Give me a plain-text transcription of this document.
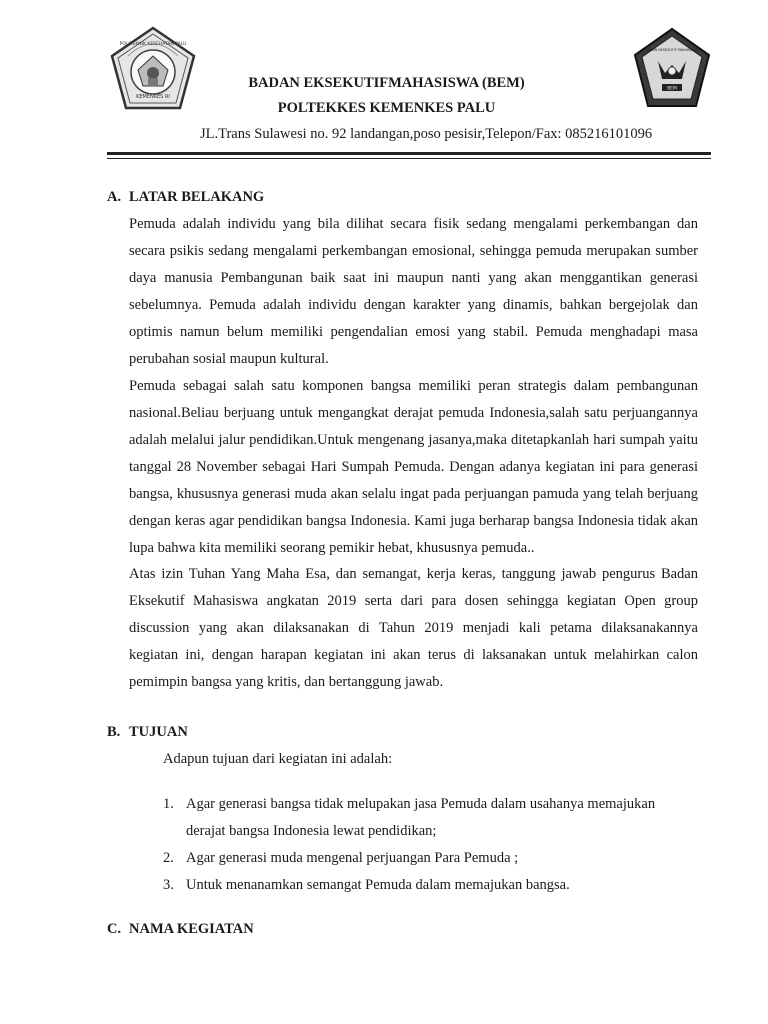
KEMENKES RI
POLITEKNIK KESEHATAN PALU
BADAN EKSEKUTIFMAHASISWA (BEM)
POLTEKKES KEMENKES PALU
JL.Trans Sulawesi no. 92 landangan,poso pesisir,Telepon/Fax: 085216101096
BADAN EKSEKUTIF MAHASISWA
BEM
A. LATAR BELAKANG

Pemuda adalah individu yang bila dilihat secara fisik sedang mengalami perkembangan dan
secara psikis sedang mengalami perkembangan emosional, sehingga pemuda merupakan sumber
daya manusia Pembangunan baik saat ini maupun nanti yang akan menggantikan generasi
sebelumnya. Pemuda adalah individu dengan karakter yang dinamis, bahkan bergejolak dan
optimis namun belum memiliki pengendalian emosi yang stabil. Pemuda menghadapi masa
perubahan sosial maupun kultural.

Pemuda sebagai salah satu komponen bangsa memiliki peran strategis dalam pembangunan
nasional.Beliau berjuang untuk mengangkat derajat pemuda Indonesia,salah satu perjuangannya
adalah melalui jalur pendidikan.Untuk mengenang jasanya,maka ditetapkanlah hari sumpah yaitu
tanggal 28 November sebagai Hari Sumpah Pemuda. Dengan adanya kegiatan ini para generasi
bangsa, khususnya generasi muda akan selalu ingat pada perjuangan pamuda yang telah berjuang
dengan keras agar pendidikan bangsa Indonesia. Kami juga berharap bangsa Indonesia tidak akan
lupa bahwa kita memiliki seorang pemikir hebat, khususnya pemuda..

Atas izin Tuhan Yang Maha Esa, dan semangat, kerja keras, tanggung jawab pengurus Badan
Eksekutif Mahasiswa angkatan 2019 serta dari para dosen sehingga kegiatan Open group
discussion yang akan dilaksanakan di Tahun 2019 menjadi kali petama dilaksanakannya
kegiatan ini, dengan harapan kegiatan ini akan terus di laksanakan untuk melahirkan calon
pemimpin bangsa yang kritis, dan bertanggung jawab.

B. TUJUAN
Adapun tujuan dari kegiatan ini adalah:
1. Agar generasi bangsa tidak melupakan jasa Pemuda dalam usahanya memajukan
derajat bangsa Indonesia lewat pendidikan;
2. Agar generasi muda mengenal perjuangan Para Pemuda ;
3. Untuk menanamkan semangat Pemuda dalam memajukan bangsa.
C. NAMA KEGIATAN
